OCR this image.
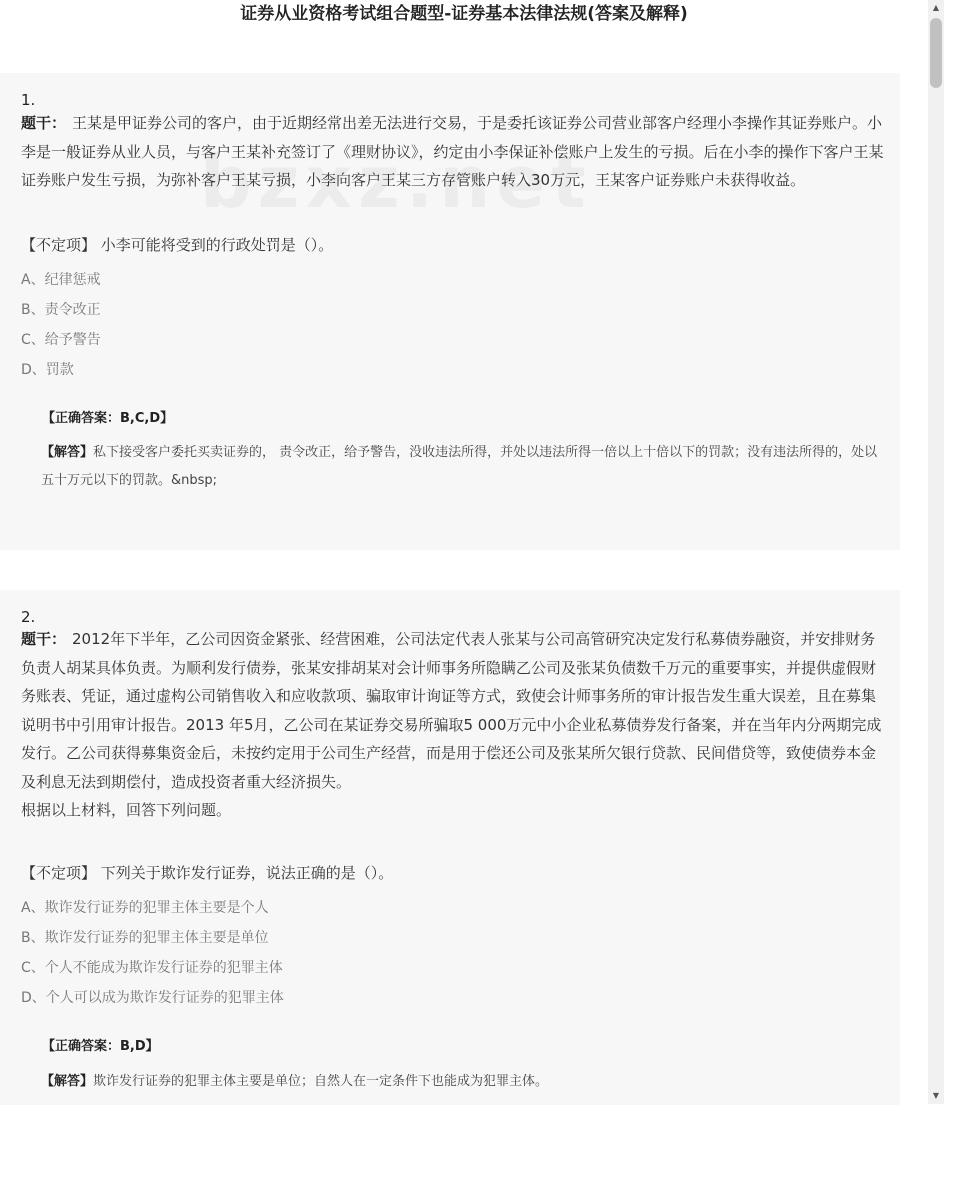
证券从业资格考试组合题型-证券基本法律法规(答案及解释)
1.

题干： 王某是甲证券公司的客户，由于近期经常出差无法进行交易，于是委托该证券公司营业部客户经理小李操作其证券账户。小李是一般证券从业人员，与客户王某补充签订了《理财协议》，约定由小李保证补偿账户上发生的亏损。后在小李的操作下客户王某证券账户发生亏损，为弥补客户王某亏损，小李向客户王某三方存管账户转入30万元，王某客户证券账户未获得收益。

【不定项】 小李可能将受到的行政处罚是（）。
A、纪律惩戒
B、责令改正
C、给予警告
D、罚款
【正确答案：B,C,D】
【解答】私下接受客户委托买卖证券的， 责令改正，给予警告，没收违法所得，并处以违法所得一倍以上十倍以下的罚款；没有违法所得的，处以五十万元以下的罚款。&nbsp;
2.

题干： 2012年下半年，乙公司因资金紧张、经营困难，公司法定代表人张某与公司高管研究决定发行私募债券融资，并安排财务负责人胡某具体负责。为顺利发行债券，张某安排胡某对会计师事务所隐瞒乙公司及张某负债数千万元的重要事实，并提供虚假财务账表、凭证，通过虚构公司销售收入和应收款项、骗取审计询证等方式，致使会计师事务所的审计报告发生重大误差，且在募集说明书中引用审计报告。2013 年5月，乙公司在某证券交易所骗取5 000万元中小企业私募债券发行备案，并在当年内分两期完成发行。乙公司获得募集资金后，未按约定用于公司生产经营，而是用于偿还公司及张某所欠银行贷款、民间借贷等，致使债券本金及利息无法到期偿付，造成投资者重大经济损失。
根据以上材料，回答下列问题。

【不定项】 下列关于欺诈发行证券，说法正确的是（）。
A、欺诈发行证券的犯罪主体主要是个人
B、欺诈发行证券的犯罪主体主要是单位
C、个人不能成为欺诈发行证券的犯罪主体
D、个人可以成为欺诈发行证券的犯罪主体
【正确答案：B,D】
【解答】欺诈发行证券的犯罪主体主要是单位；自然人在一定条件下也能成为犯罪主体。
▲
▼
